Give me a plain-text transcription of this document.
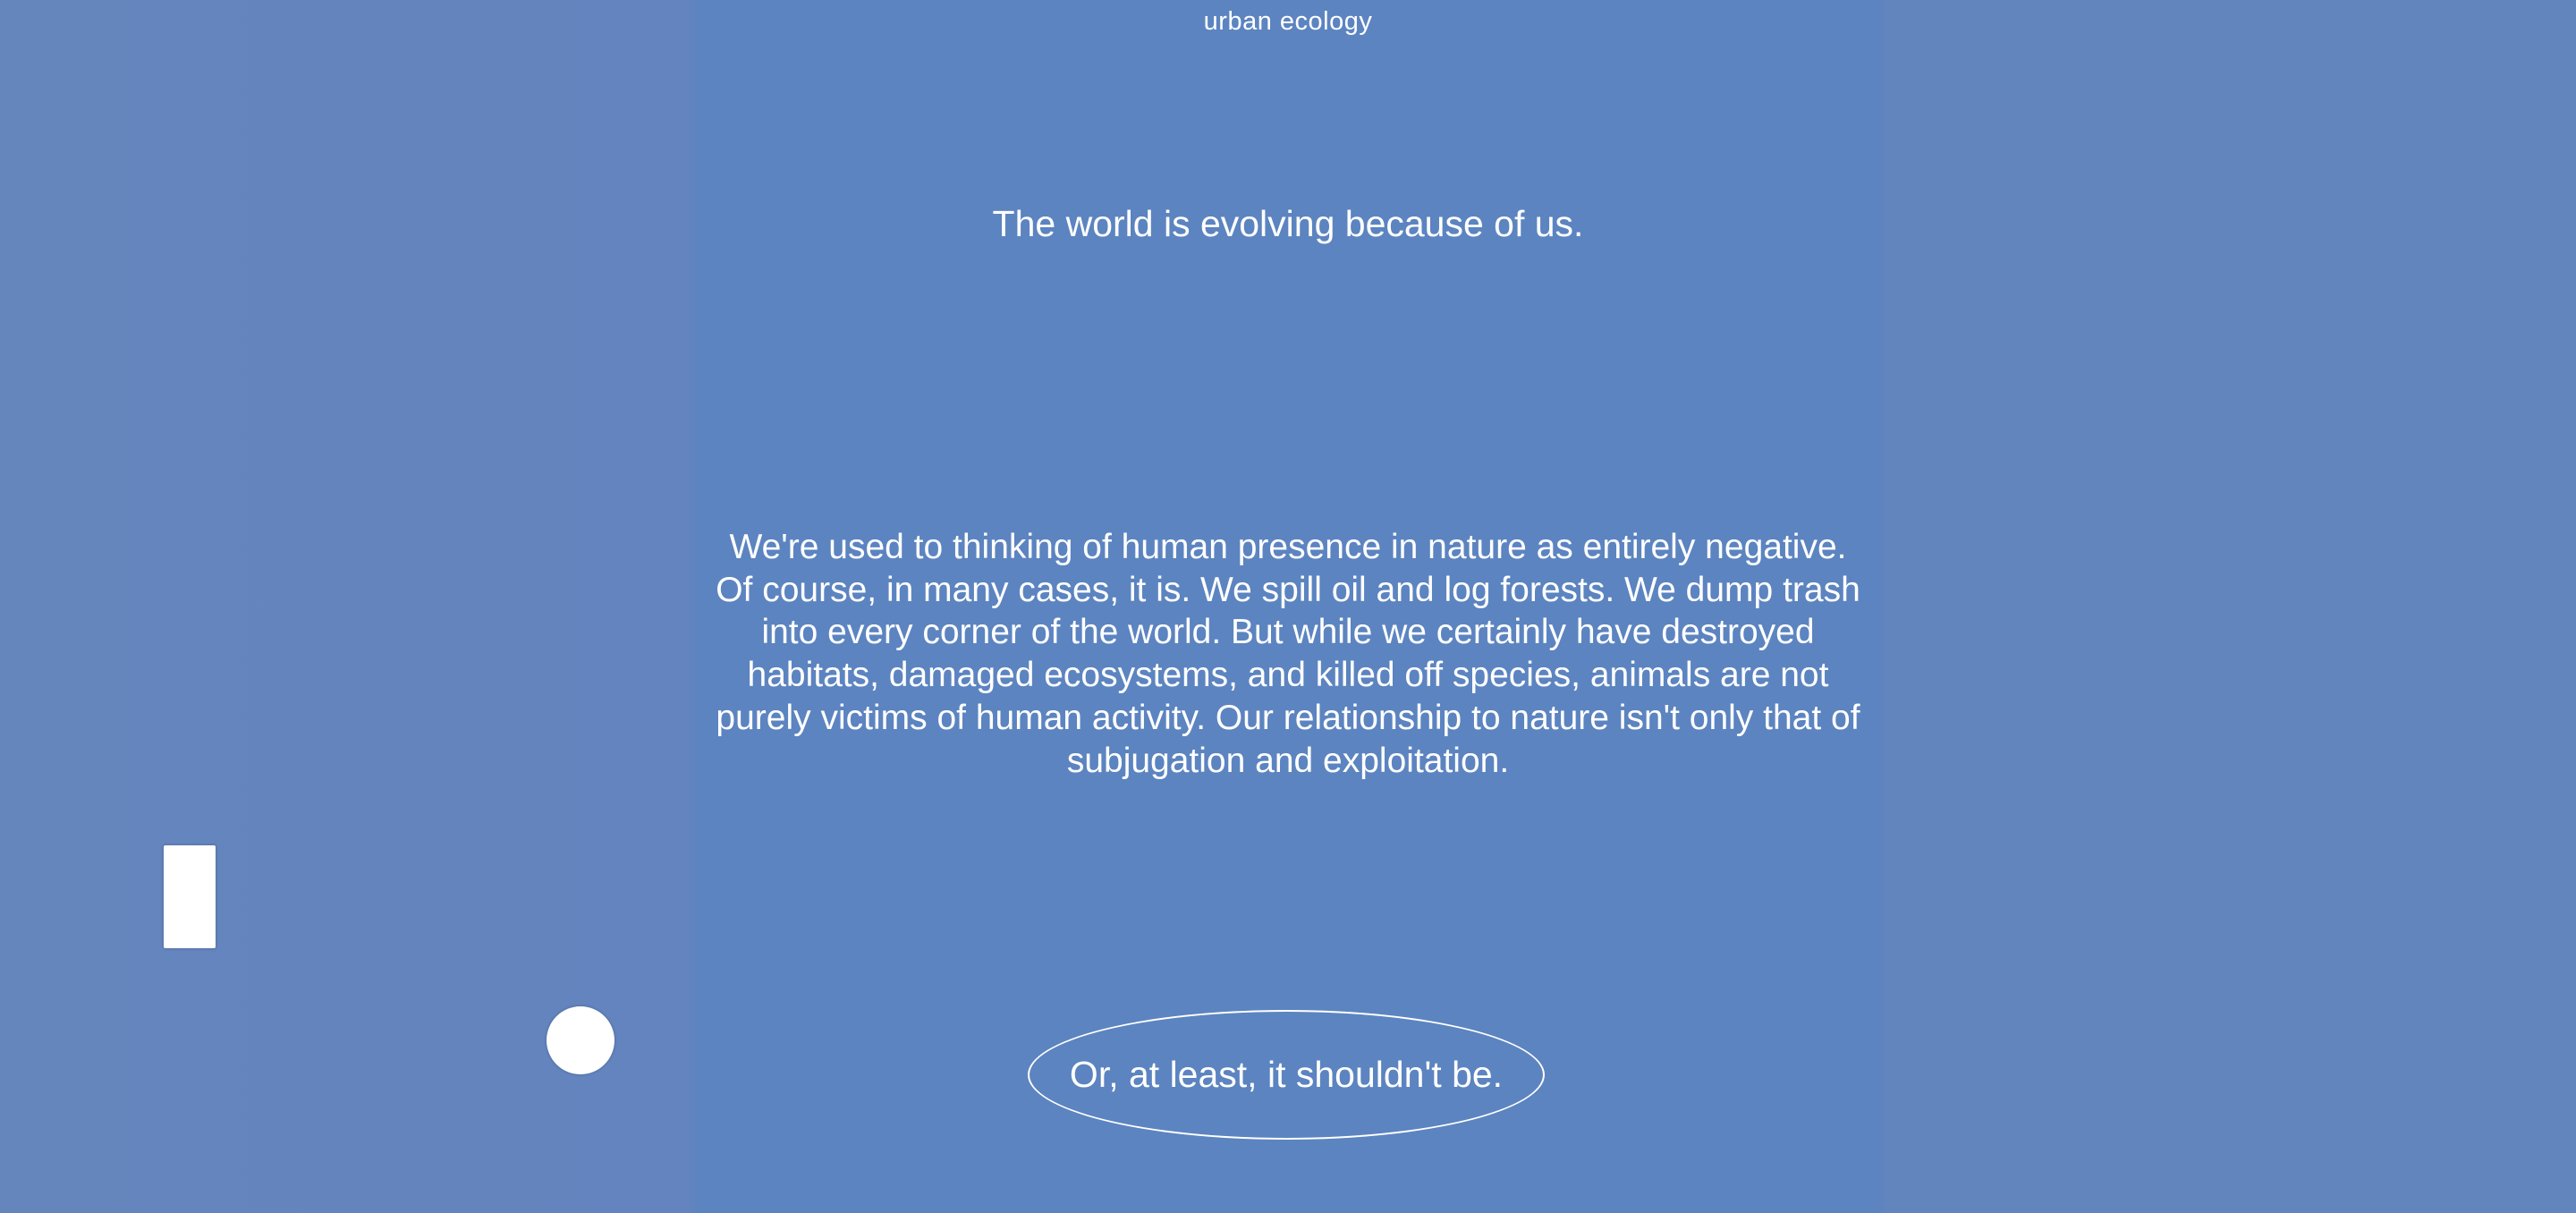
urban ecology
The world is evolving because of us.

We're used to thinking of human presence in nature as entirely negative. Of course, in many cases, it is. We spill oil and log forests. We dump trash into every corner of the world. But while we certainly have destroyed habitats, damaged ecosystems, and killed off species, animals are not purely victims of human activity. Our relationship to nature isn't only that of subjugation and exploitation.

Or, at least, it shouldn't be.
